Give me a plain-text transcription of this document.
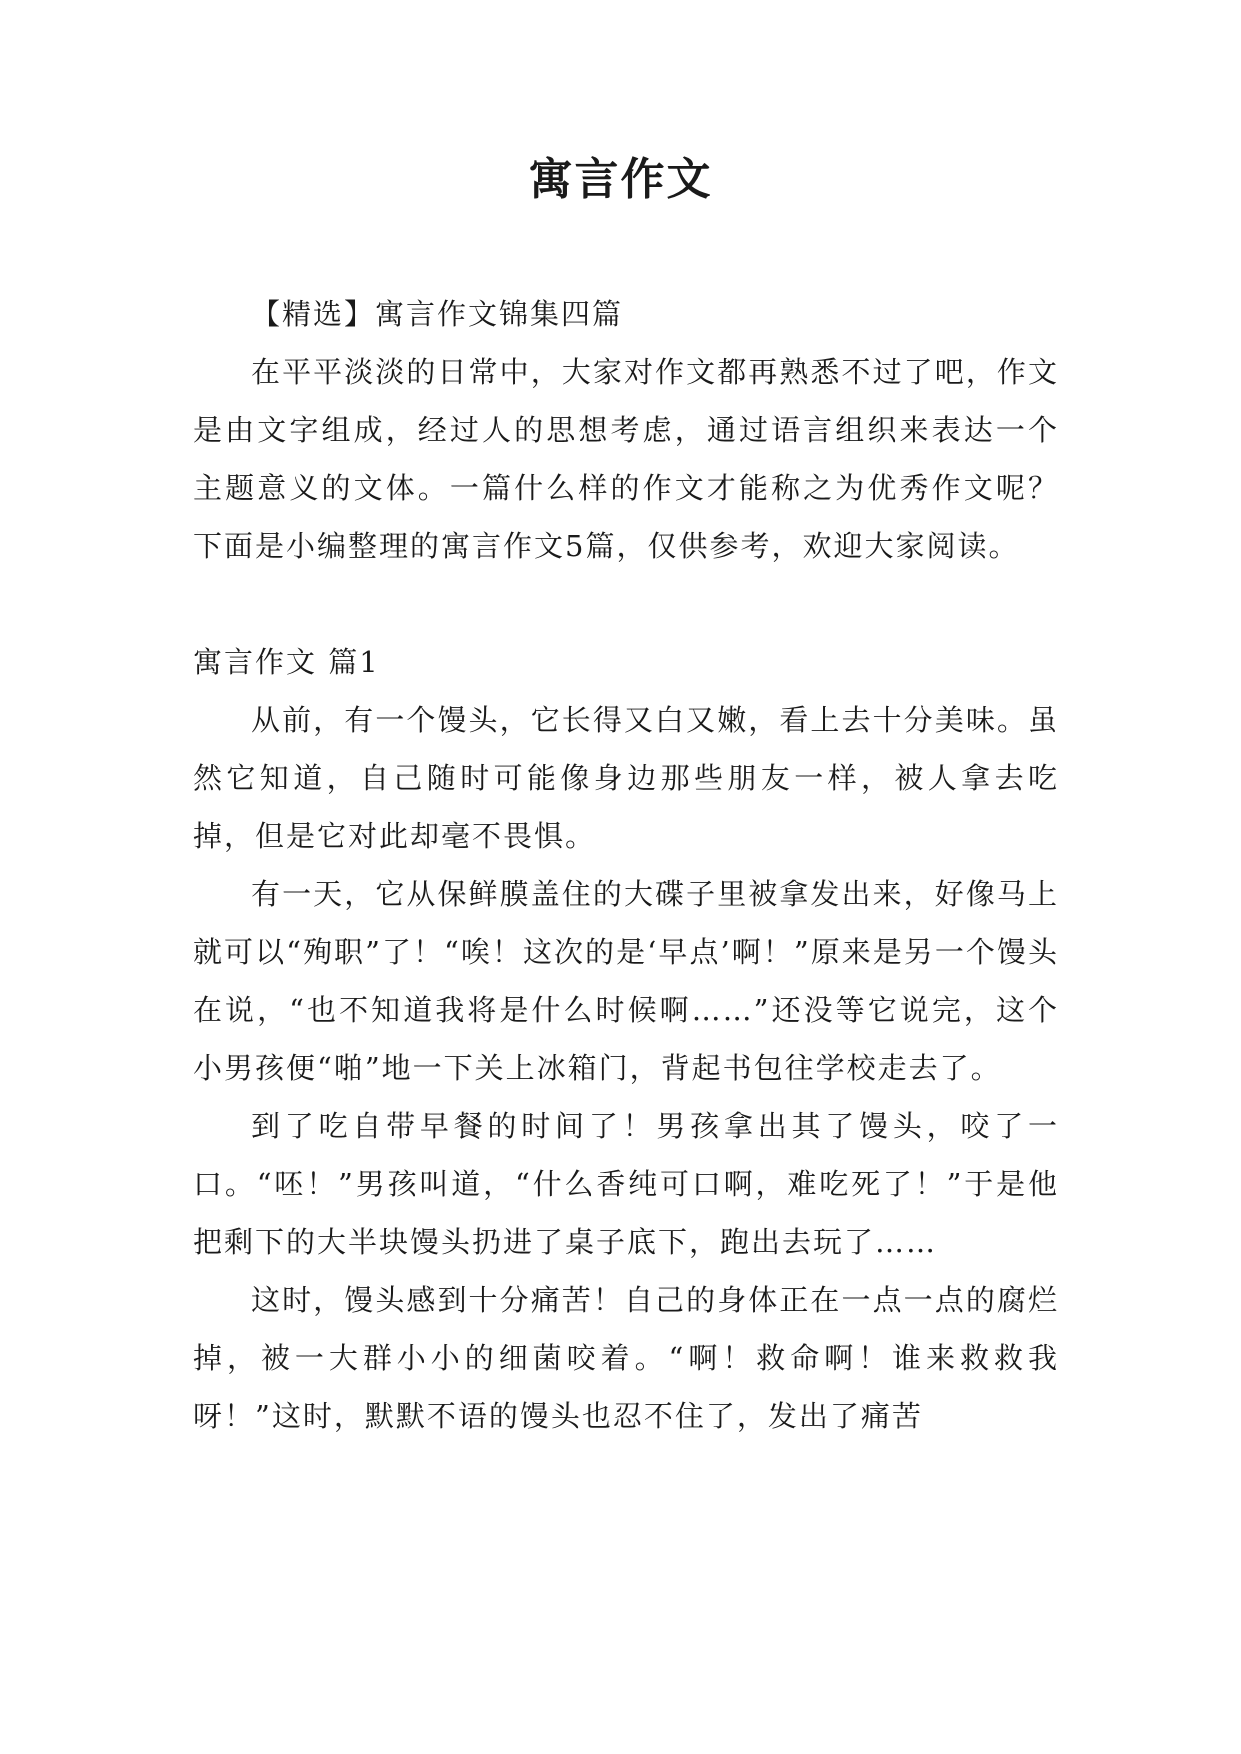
寓言作文

【精选】寓言作文锦集四篇

在平平淡淡的日常中，大家对作文都再熟悉不过了吧，作文是由文字组成，经过人的思想考虑，通过语言组织来表达一个主题意义的文体。一篇什么样的作文才能称之为优秀作文呢？下面是小编整理的寓言作文5篇，仅供参考，欢迎大家阅读。

寓言作文 篇1

从前，有一个馒头，它长得又白又嫩，看上去十分美味。虽然它知道，自己随时可能像身边那些朋友一样，被人拿去吃掉，但是它对此却毫不畏惧。

有一天，它从保鲜膜盖住的大碟子里被拿发出来，好像马上就可以“殉职”了！“唉！这次的是‘早点’啊！”原来是另一个馒头在说，“也不知道我将是什么时候啊……”还没等它说完，这个小男孩便“啪”地一下关上冰箱门，背起书包往学校走去了。

到了吃自带早餐的时间了！男孩拿出其了馒头，咬了一口。“呸！”男孩叫道，“什么香纯可口啊，难吃死了！”于是他把剩下的大半块馒头扔进了桌子底下，跑出去玩了……

这时，馒头感到十分痛苦！自己的身体正在一点一点的腐烂掉，被一大群小小的细菌咬着。“啊！救命啊！谁来救救我呀！”这时，默默不语的馒头也忍不住了，发出了痛苦
